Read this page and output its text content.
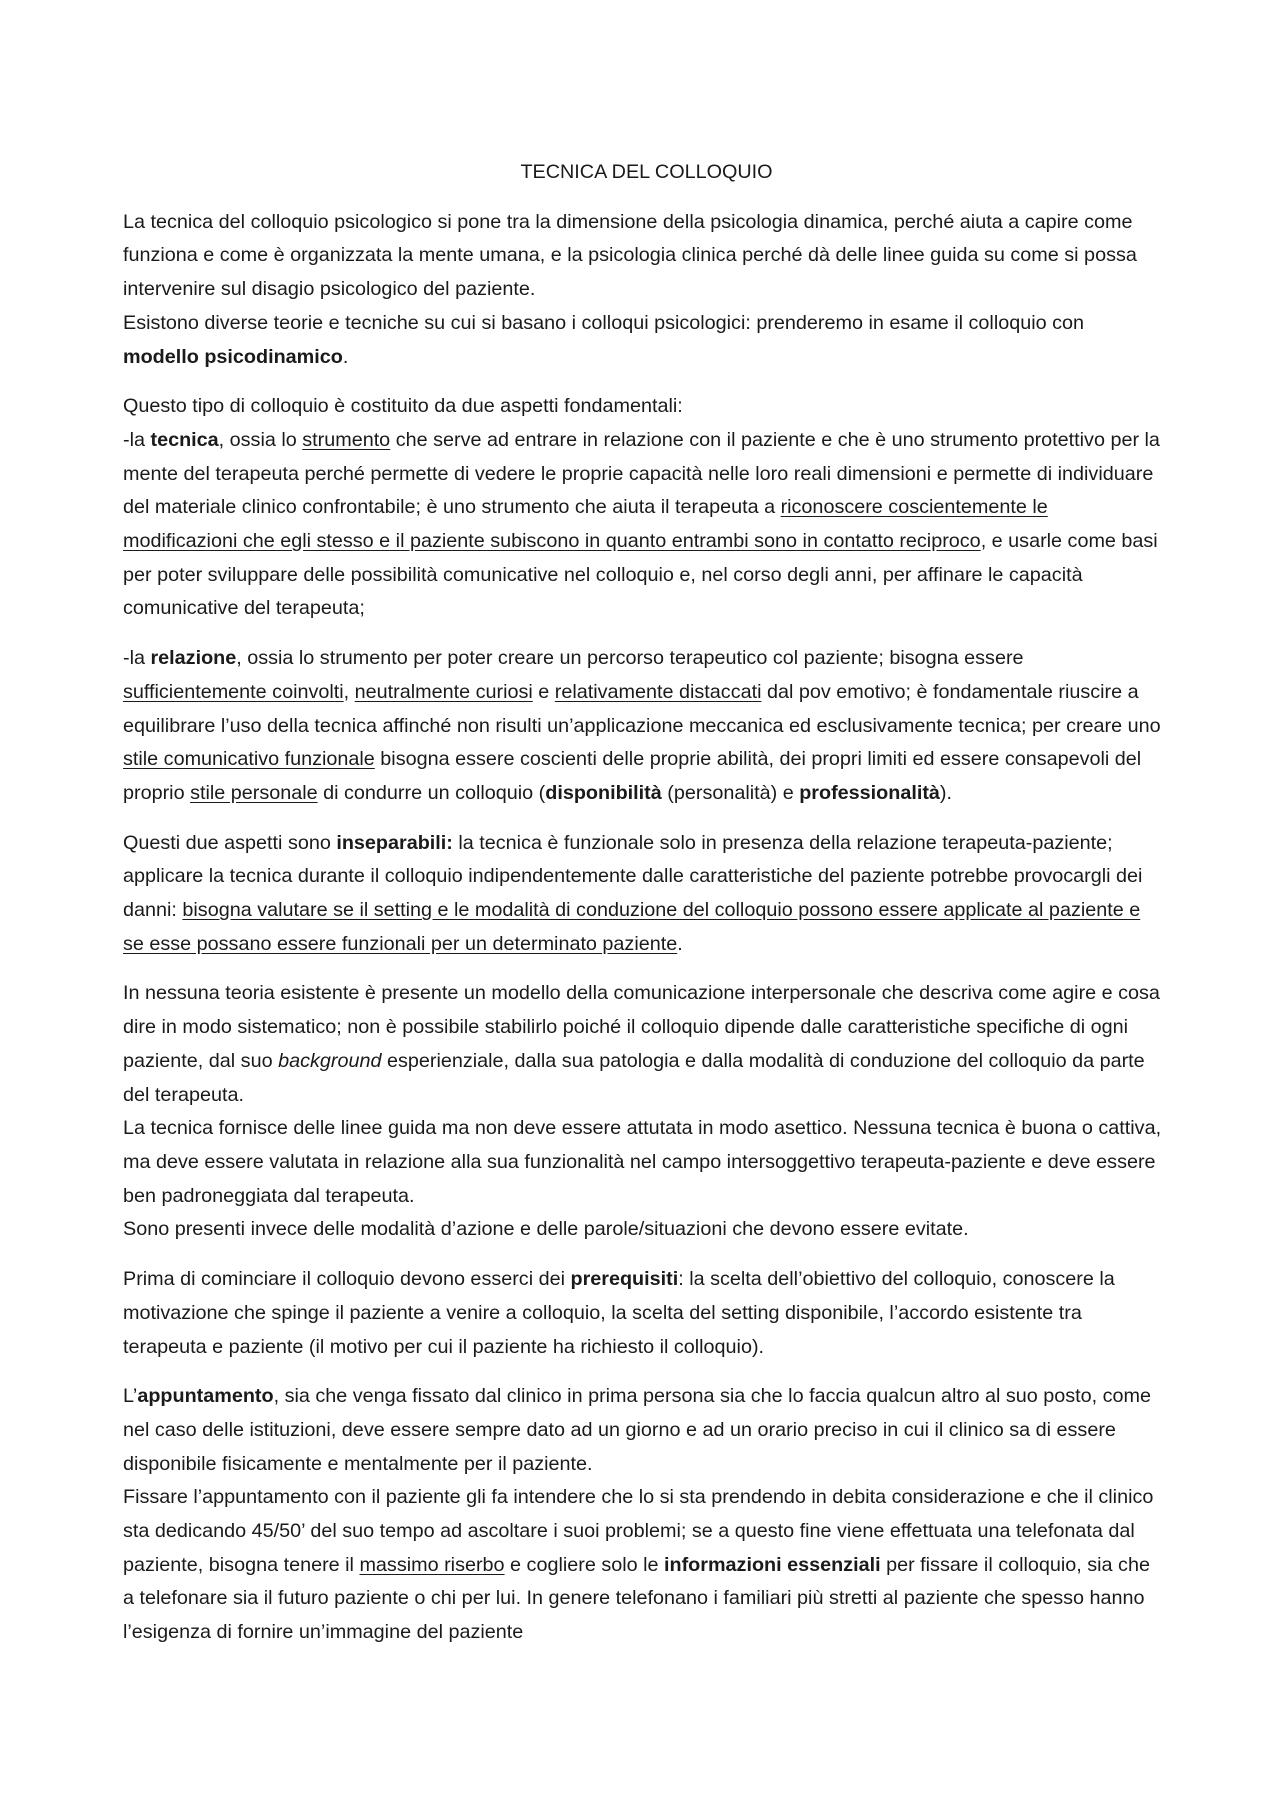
TECNICA DEL COLLOQUIO

La tecnica del colloquio psicologico si pone tra la dimensione della psicologia dinamica, perché aiuta a capire come funziona e come è organizzata la mente umana, e la psicologia clinica perché dà delle linee guida su come si possa intervenire sul disagio psicologico del paziente.
Esistono diverse teorie e tecniche su cui si basano i colloqui psicologici: prenderemo in esame il colloquio con modello psicodinamico.

Questo tipo di colloquio è costituito da due aspetti fondamentali:
-la tecnica, ossia lo strumento che serve ad entrare in relazione con il paziente e che è uno strumento protettivo per la mente del terapeuta perché permette di vedere le proprie capacità nelle loro reali dimensioni e permette di individuare del materiale clinico confrontabile; è uno strumento che aiuta il terapeuta a riconoscere coscientemente le modificazioni che egli stesso e il paziente subiscono in quanto entrambi sono in contatto reciproco, e usarle come basi per poter sviluppare delle possibilità comunicative nel colloquio e, nel corso degli anni, per affinare le capacità comunicative del terapeuta;

-la relazione, ossia lo strumento per poter creare un percorso terapeutico col paziente; bisogna essere sufficientemente coinvolti, neutralmente curiosi e relativamente distaccati dal pov emotivo; è fondamentale riuscire a equilibrare l’uso della tecnica affinché non risulti un’applicazione meccanica ed esclusivamente tecnica; per creare uno stile comunicativo funzionale bisogna essere coscienti delle proprie abilità, dei propri limiti ed essere consapevoli del proprio stile personale di condurre un colloquio (disponibilità (personalità) e professionalità).

Questi due aspetti sono inseparabili: la tecnica è funzionale solo in presenza della relazione terapeuta-paziente; applicare la tecnica durante il colloquio indipendentemente dalle caratteristiche del paziente potrebbe provocargli dei danni: bisogna valutare se il setting e le modalità di conduzione del colloquio possono essere applicate al paziente e se esse possano essere funzionali per un determinato paziente.

In nessuna teoria esistente è presente un modello della comunicazione interpersonale che descriva come agire e cosa dire in modo sistematico; non è possibile stabilirlo poiché il colloquio dipende dalle caratteristiche specifiche di ogni paziente, dal suo background esperienziale, dalla sua patologia e dalla modalità di conduzione del colloquio da parte del terapeuta.
La tecnica fornisce delle linee guida ma non deve essere attutata in modo asettico. Nessuna tecnica è buona o cattiva, ma deve essere valutata in relazione alla sua funzionalità nel campo intersoggettivo terapeuta-paziente e deve essere ben padroneggiata dal terapeuta.
Sono presenti invece delle modalità d’azione e delle parole/situazioni che devono essere evitate.

Prima di cominciare il colloquio devono esserci dei prerequisiti: la scelta dell’obiettivo del colloquio, conoscere la motivazione che spinge il paziente a venire a colloquio, la scelta del setting disponibile, l’accordo esistente tra terapeuta e paziente (il motivo per cui il paziente ha richiesto il colloquio).

L’appuntamento, sia che venga fissato dal clinico in prima persona sia che lo faccia qualcun altro al suo posto, come nel caso delle istituzioni, deve essere sempre dato ad un giorno e ad un orario preciso in cui il clinico sa di essere disponibile fisicamente e mentalmente per il paziente.
Fissare l’appuntamento con il paziente gli fa intendere che lo si sta prendendo in debita considerazione e che il clinico sta dedicando 45/50’ del suo tempo ad ascoltare i suoi problemi; se a questo fine viene effettuata una telefonata dal paziente, bisogna tenere il massimo riserbo e cogliere solo le informazioni essenziali per fissare il colloquio, sia che a telefonare sia il futuro paziente o chi per lui. In genere telefonano i familiari più stretti al paziente che spesso hanno l’esigenza di fornire un’immagine del paziente
